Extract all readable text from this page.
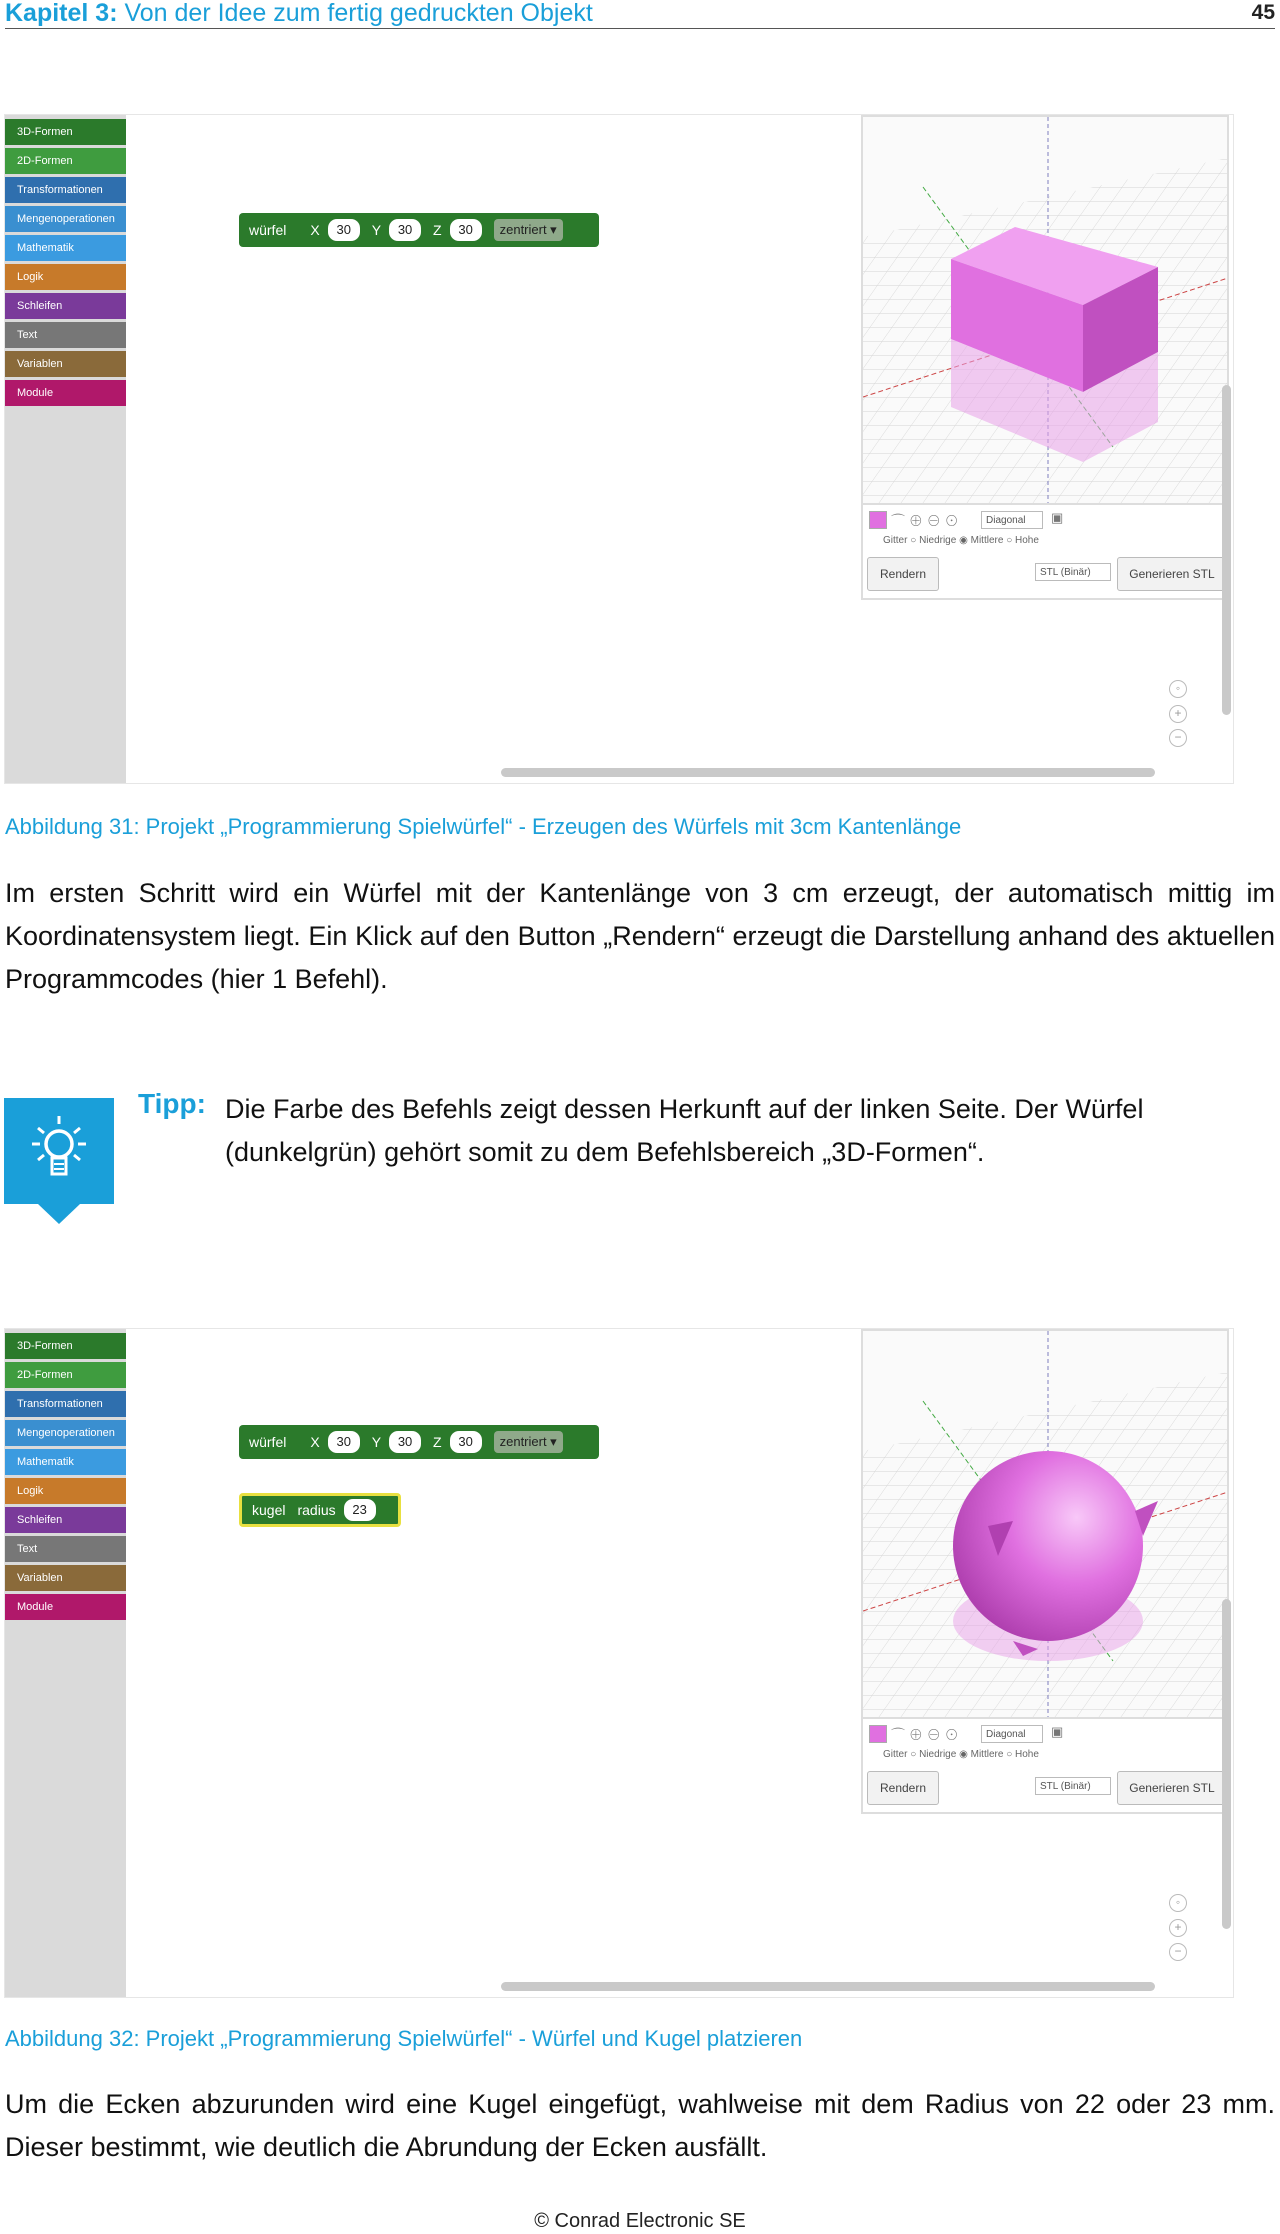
Kapitel 3: Von der Idee zum fertig gedruckten Objekt	45
3D-Formen
2D-Formen
Transformationen
Mengenoperationen
Mathematik
Logik
Schleifen
Text
Variablen
Module
würfel X	30	Y	30	Z	30	zentriert ▾
⌒ ⊕ ⊖ ⊙	Diagonal	▣
Gitter ○ Niedrige ◉ Mittlere ○ Hohe
Rendern	STL (Binär)	Generieren STL
◦
+
−
Abbildung 31: Projekt „Programmierung Spielwürfel“ - Erzeugen des Würfels mit 3cm Kantenlänge
Im ersten Schritt wird ein Würfel mit der Kantenlänge von 3 cm erzeugt, der automatisch mittig im Koordinatensystem liegt. Ein Klick auf den Button „Rendern“ erzeugt die Darstellung anhand des aktuellen Programmcodes (hier 1 Befehl).
Tipp: Die Farbe des Befehls zeigt dessen Herkunft auf der linken Seite. Der Würfel (dunkelgrün) gehört somit zu dem Befehlsbereich „3D-Formen“.
3D-Formen
2D-Formen
Transformationen
Mengenoperationen
Mathematik
Logik
Schleifen
Text
Variablen
Module
würfel X	30	Y	30	Z	30	zentriert ▾
kugel radius	23
⌒ ⊕ ⊖ ⊙	Diagonal	▣
Gitter ○ Niedrige ◉ Mittlere ○ Hohe
Rendern	STL (Binär)	Generieren STL
◦
+
−
Abbildung 32: Projekt „Programmierung Spielwürfel“ - Würfel und Kugel platzieren
Um die Ecken abzurunden wird eine Kugel eingefügt, wahlweise mit dem Radius von 22 oder 23 mm. Dieser bestimmt, wie deutlich die Abrundung der Ecken ausfällt.
© Conrad Electronic SE
